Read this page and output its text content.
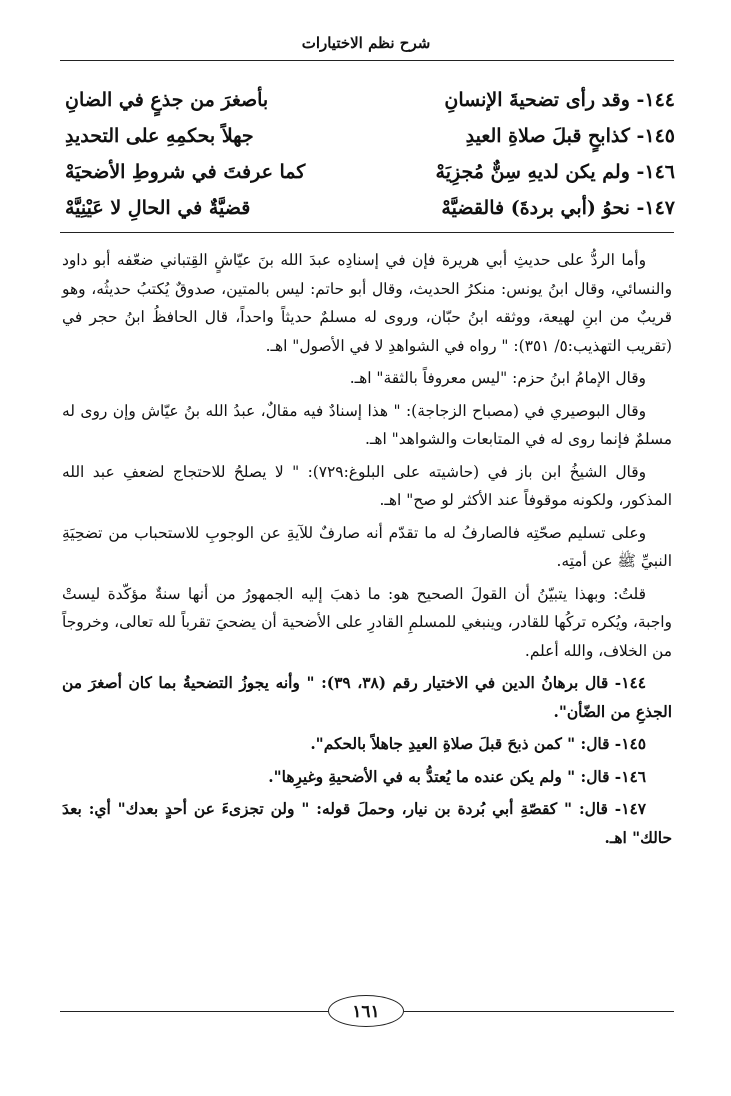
شرح نظم الاختيارات
١٤٤- وقد رأى تضحيةَ الإنسانِ
بأصغرَ من جذعٍ في الضانِ
١٤٥- كذابحٍ قبلَ صلاةِ العيدِ
جهلاً بحكمِهِ على التحديدِ
١٤٦- ولم يكن لديهِ سِنٌّ مُجزِيَهْ
كما عرفتَ في شروطِ الأضحيَهْ
١٤٧- نحوُ (أبي بردةَ) فالقضيَّهْ
قضيَّةٌ في الحالِ لا عَيْنِيَّهْ

وأما الردُّ على حديثِ أبي هريرة فإن في إسنادِه عبدَ الله بنَ عيّاشٍ القِتباني ضعّفه أبو داود والنسائي، وقال ابنُ يونس: منكرُ الحديث، وقال أبو حاتم: ليس بالمتين، صدوقٌ يُكتبُ حديثُه، وهو قريبٌ من ابنِ لهيعة، ووثقه ابنُ حبّان، وروى له مسلمٌ حديثاً واحداً، قال الحافظُ ابنُ حجر في (تقريب التهذيب:٥/ ٣٥١): " رواه في الشواهدِ لا في الأصول" اهـ.

وقال الإمامُ ابنُ حزم: "ليس معروفاً بالثقة" اهـ.

وقال البوصيري في (مصباح الزجاجة): " هذا إسنادٌ فيه مقالٌ، عبدُ الله بنُ عيّاش وإن روى له مسلمٌ فإنما روى له في المتابعات والشواهد" اهـ.

وقال الشيخُ ابن باز في (حاشيته على البلوغ:٧٢٩): " لا يصلحُ للاحتجاج لضعفِ عبد الله المذكور، ولكونه موقوفاً عند الأكثر لو صح" اهـ.

وعلى تسليم صحّتِه فالصارفُ له ما تقدّم أنه صارفٌ للآيةِ عن الوجوبِ للاستحباب من تضحِيَةِ النبيِّ ﷺ عن أمتِه.

قلتُ: وبهذا يتبيّنُ أن القولَ الصحيح هو: ما ذهبَ إليه الجمهورُ من أنها سنةٌ مؤكّدة ليستْ واجبة، ويُكره تركُها للقادر، وينبغي للمسلمِ القادرِ على الأضحية أن يضحيَ تقرباً لله تعالى، وخروجاً من الخلاف، والله أعلم.

١٤٤- قال برهانُ الدين في الاختيار رقم (٣٨، ٣٩): " وأنه يجوزُ التضحيةُ بما كان أصغرَ من الجذعِ من الضّأن".

١٤٥- قال: " كمن ذبحَ قبلَ صلاةِ العيدِ جاهلاً بالحكم".

١٤٦- قال: " ولم يكن عنده ما يُعتدُّ به في الأضحيةِ وغيرِها".

١٤٧- قال: " كقصّةِ أبي بُردة بن نيار، وحملَ قوله: " ولن تجزىءَ عن أحدٍ بعدك" أي: بعدَ حالك" اهـ.

١٦١
